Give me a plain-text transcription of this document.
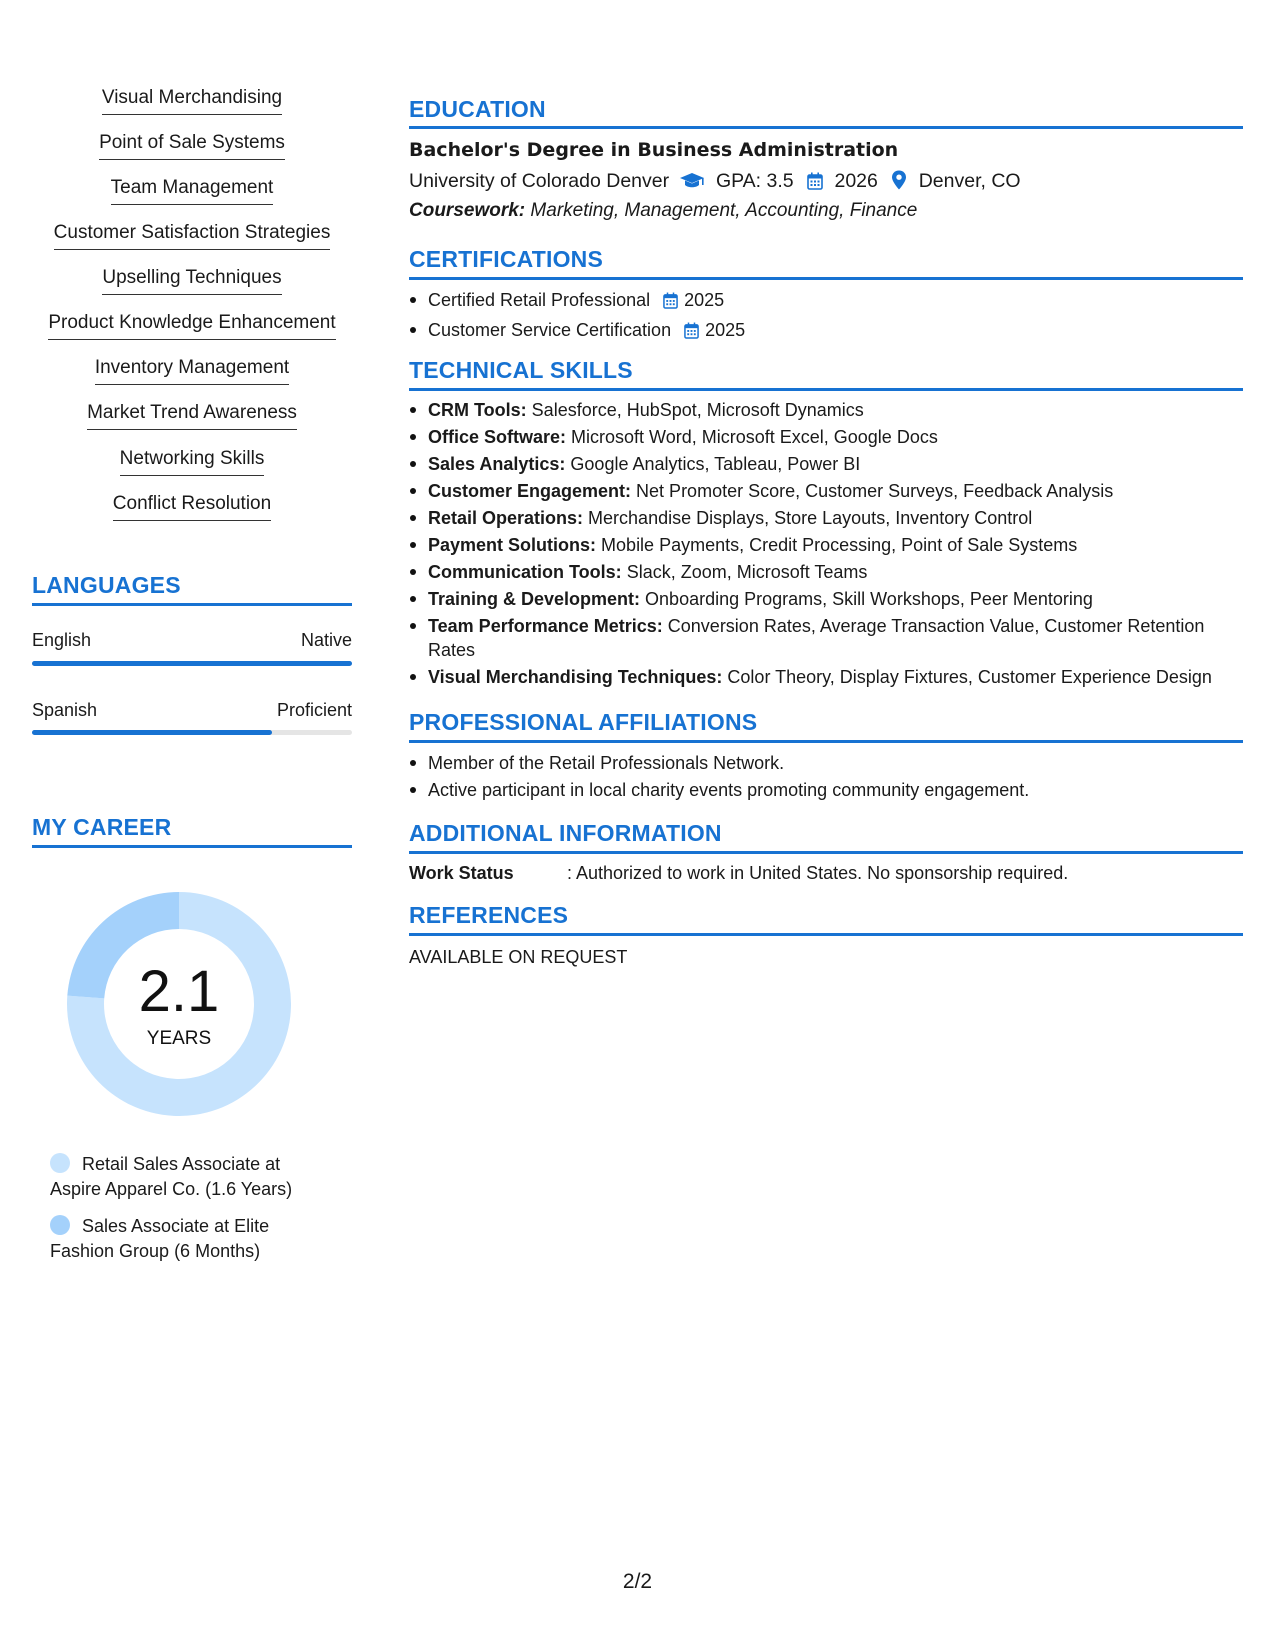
Visual Merchandising
Point of Sale Systems
Team Management
Customer Satisfaction Strategies
Upselling Techniques
Product Knowledge Enhancement
Inventory Management
Market Trend Awareness
Networking Skills
Conflict Resolution
LANGUAGES
English	Native
Spanish	Proficient
MY CAREER
2.1
YEARS
Retail Sales Associate at Aspire Apparel Co. (1.6 Years)
Sales Associate at Elite Fashion Group (6 Months)
EDUCATION
Bachelor's Degree in Business Administration
University of Colorado Denver GPA: 3.5 2026 Denver, CO
Coursework: Marketing, Management, Accounting, Finance
CERTIFICATIONS
Certified Retail Professional 2025
Customer Service Certification 2025
TECHNICAL SKILLS
CRM Tools: Salesforce, HubSpot, Microsoft Dynamics
Office Software: Microsoft Word, Microsoft Excel, Google Docs
Sales Analytics: Google Analytics, Tableau, Power BI
Customer Engagement: Net Promoter Score, Customer Surveys, Feedback Analysis
Retail Operations: Merchandise Displays, Store Layouts, Inventory Control
Payment Solutions: Mobile Payments, Credit Processing, Point of Sale Systems
Communication Tools: Slack, Zoom, Microsoft Teams
Training & Development: Onboarding Programs, Skill Workshops, Peer Mentoring
Team Performance Metrics: Conversion Rates, Average Transaction Value, Customer Retention Rates
Visual Merchandising Techniques: Color Theory, Display Fixtures, Customer Experience Design
PROFESSIONAL AFFILIATIONS
Member of the Retail Professionals Network.
Active participant in local charity events promoting community engagement.
ADDITIONAL INFORMATION
Work Status	: Authorized to work in United States. No sponsorship required.
REFERENCES
AVAILABLE ON REQUEST
2/2
